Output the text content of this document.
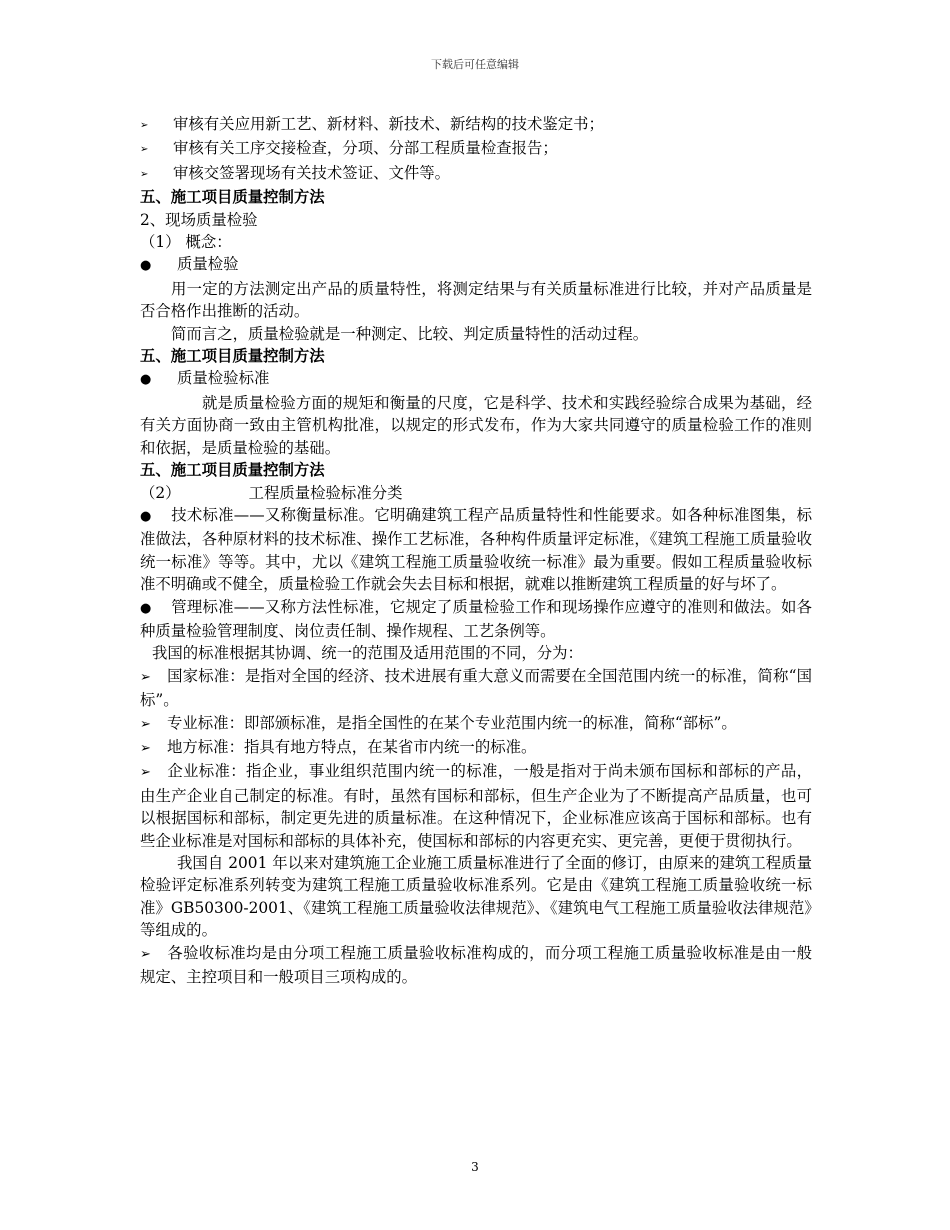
下载后可任意编辑
➢ 审核有关应用新工艺、新材料、新技术、新结构的技术鉴定书；
➢ 审核有关工序交接检查，分项、分部工程质量检查报告；
➢ 审核交签署现场有关技术签证、文件等。
五、施工项目质量控制方法
2、现场质量检验
（1） 概念：
● 质量检验
用一定的方法测定出产品的质量特性，将测定结果与有关质量标准进行比较，并对产品质量是否合格作出推断的活动。
简而言之，质量检验就是一种测定、比较、判定质量特性的活动过程。
五、施工项目质量控制方法
● 质量检验标准
就是质量检验方面的规矩和衡量的尺度，它是科学、技术和实践经验综合成果为基础，经有关方面协商一致由主管机构批准，以规定的形式发布，作为大家共同遵守的质量检验工作的准则和依据，是质量检验的基础。
五、施工项目质量控制方法
（2）	工程质量检验标准分类
● 技术标准——又称衡量标准。它明确建筑工程产品质量特性和性能要求。如各种标准图集，标准做法，各种原材料的技术标准、操作工艺标准，各种构件质量评定标准，《建筑工程施工质量验收统一标准》等等。其中，尤以《建筑工程施工质量验收统一标准》最为重要。假如工程质量验收标准不明确或不健全，质量检验工作就会失去目标和根据，就难以推断建筑工程质量的好与坏了。
● 管理标准——又称方法性标准，它规定了质量检验工作和现场操作应遵守的准则和做法。如各种质量检验管理制度、岗位责任制、操作规程、工艺条例等。
我国的标准根据其协调、统一的范围及适用范围的不同，分为：
➢ 国家标准：是指对全国的经济、技术进展有重大意义而需要在全国范围内统一的标准，简称“国标”。
➢ 专业标准：即部颁标准，是指全国性的在某个专业范围内统一的标准，简称“部标”。
➢ 地方标准：指具有地方特点，在某省市内统一的标准。
➢ 企业标准：指企业，事业组织范围内统一的标准，一般是指对于尚未颁布国标和部标的产品，由生产企业自己制定的标准。有时，虽然有国标和部标，但生产企业为了不断提高产品质量，也可以根据国标和部标，制定更先进的质量标准。在这种情况下，企业标准应该高于国标和部标。也有些企业标准是对国标和部标的具体补充，使国标和部标的内容更充实、更完善，更便于贯彻执行。
我国自 2001 年以来对建筑施工企业施工质量标准进行了全面的修订，由原来的建筑工程质量检验评定标准系列转变为建筑工程施工质量验收标准系列。它是由《建筑工程施工质量验收统一标准》GB50300-2001、《建筑工程施工质量验收法律规范》、《建筑电气工程施工质量验收法律规范》等组成的。
➢ 各验收标准均是由分项工程施工质量验收标准构成的，而分项工程施工质量验收标准是由一般规定、主控项目和一般项目三项构成的。
3
